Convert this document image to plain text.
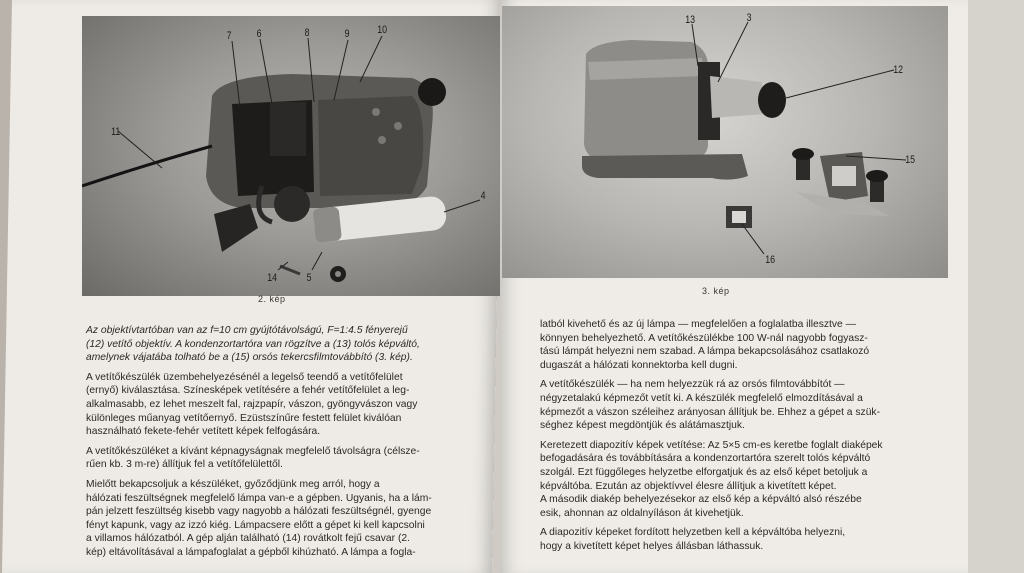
7 6	8	9	10
11
4
14	5
2. kép
13	3
12
15
16
3. kép

Az objektívtartóban van az f=10 cm gyújtótávolságú, F=1:4.5 fényerejű
(12) vetítő objektív. A kondenzortartóra van rögzítve a (13) tolós képváltó,
amelynek vájatába tolható be a (15) orsós tekercsfilmtovábbító (3. kép).

A vetítőkészülék üzembehelyezésénél a legelső teendő a vetítőfelület
(ernyő) kiválasztása. Színesképek vetítésére a fehér vetítőfelület a leg-
alkalmasabb, ez lehet meszelt fal, rajzpapír, vászon, gyöngyvászon vagy
különleges műanyag vetítőernyő. Ezüstszínűre festett felület kiválóan
használható fekete-fehér vetített képek felfogására.

A vetítőkészüléket a kívánt képnagyságnak megfelelő távolságra (célsze-
rűen kb. 3 m-re) állítjuk fel a vetítőfelülettől.

Mielőtt bekapcsoljuk a készüléket, győződjünk meg arról, hogy a
hálózati feszültségnek megfelelő lámpa van-e a gépben. Ugyanis, ha a lám-
pán jelzett feszültség kisebb vagy nagyobb a hálózati feszültségnél, gyenge
fényt kapunk, vagy az izzó kiég. Lámpacsere előtt a gépet ki kell kapcsolni
a villamos hálózatból. A gép alján található (14) rovátkolt fejű csavar (2.
kép) eltávolításával a lámpafoglalat a gépből kihúzható. A lámpa a fogla-

latból kivehető és az új lámpa — megfelelően a foglalatba illesztve —
könnyen behelyezhető. A vetítőkészülékbe 100 W-nál nagyobb fogyasz-
tású lámpát helyezni nem szabad. A lámpa bekapcsolásához csatlakozó
dugaszát a hálózati konnektorba kell dugni.

A vetítőkészülék — ha nem helyezzük rá az orsós filmtovábbítót —
négyzetalakú képmezőt vetít ki. A készülék megfelelő elmozdításával a
képmezőt a vászon széleihez arányosan állítjuk be. Ehhez a gépet a szük-
séghez képest megdöntjük és alátámasztjuk.

Keretezett diapozitív képek vetítése: Az 5×5 cm-es keretbe foglalt diaképek
befogadására és továbbítására a kondenzortartóra szerelt tolós képváltó
szolgál. Ezt függőleges helyzetbe elforgatjuk és az első képet betoljuk a
képváltóba. Ezután az objektívvel élesre állítjuk a kivetített képet.
A második diakép behelyezésekor az első kép a képváltó alsó részébe
esik, ahonnan az oldalnyíláson át kivehetjük.

A diapozitív képeket fordított helyzetben kell a képváltóba helyezni,
hogy a kivetített képet helyes állásban láthassuk.
